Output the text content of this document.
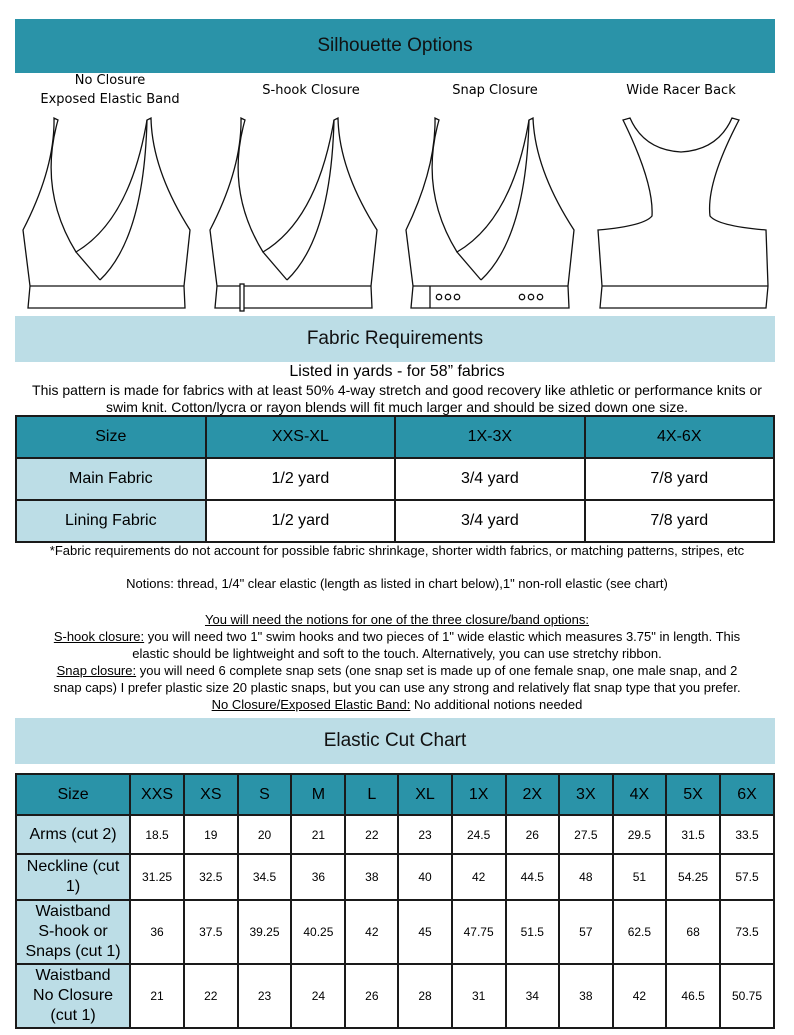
Silhouette Options
No Closure
Exposed Elastic Band
S-hook Closure	Snap Closure	Wide Racer Back
Fabric Requirements
Listed in yards - for 58” fabrics
This pattern is made for fabrics with at least 50% 4-way stretch and good recovery like athletic or performance knits or
swim knit. Cotton/lycra or rayon blends will fit much larger and should be sized down one size.
Size	XXS-XL	1X-3X	4X-6X
Main Fabric	1/2 yard	3/4 yard	7/8 yard
Lining Fabric	1/2 yard	3/4 yard	7/8 yard
*Fabric requirements do not account for possible fabric shrinkage, shorter width fabrics, or matching patterns, stripes, etc
Notions: thread, 1/4" clear elastic (length as listed in chart below),1" non-roll elastic (see chart)
You will need the notions for one of the three closure/band options:
S-hook closure: you will need two 1" swim hooks and two pieces of 1" wide elastic which measures 3.75" in length. This
elastic should be lightweight and soft to the touch. Alternatively, you can use stretchy ribbon.
Snap closure: you will need 6 complete snap sets (one snap set is made up of one female snap, one male snap, and 2
snap caps) I prefer plastic size 20 plastic snaps, but you can use any strong and relatively flat snap type that you prefer.
No Closure/Exposed Elastic Band: No additional notions needed
Elastic Cut Chart
Size	XXS	XS	S	M	L	XL	1X	2X	3X	4X	5X	6X

Arms (cut 2)	18.5	19	20	21	22	23	24.5	26	27.5	29.5	31.5	33.5

Neckline (cut
1)	31.25	32.5	34.5	36	38	40	42	44.5	48	51	54.25	57.5

Waistband
S-hook or
Snaps (cut 1)	36	37.5	39.25	40.25	42	45	47.75	51.5	57	62.5	68	73.5

Waistband
No Closure
(cut 1)	21	22	23	24	26	28	31	34	38	42	46.5	50.75
